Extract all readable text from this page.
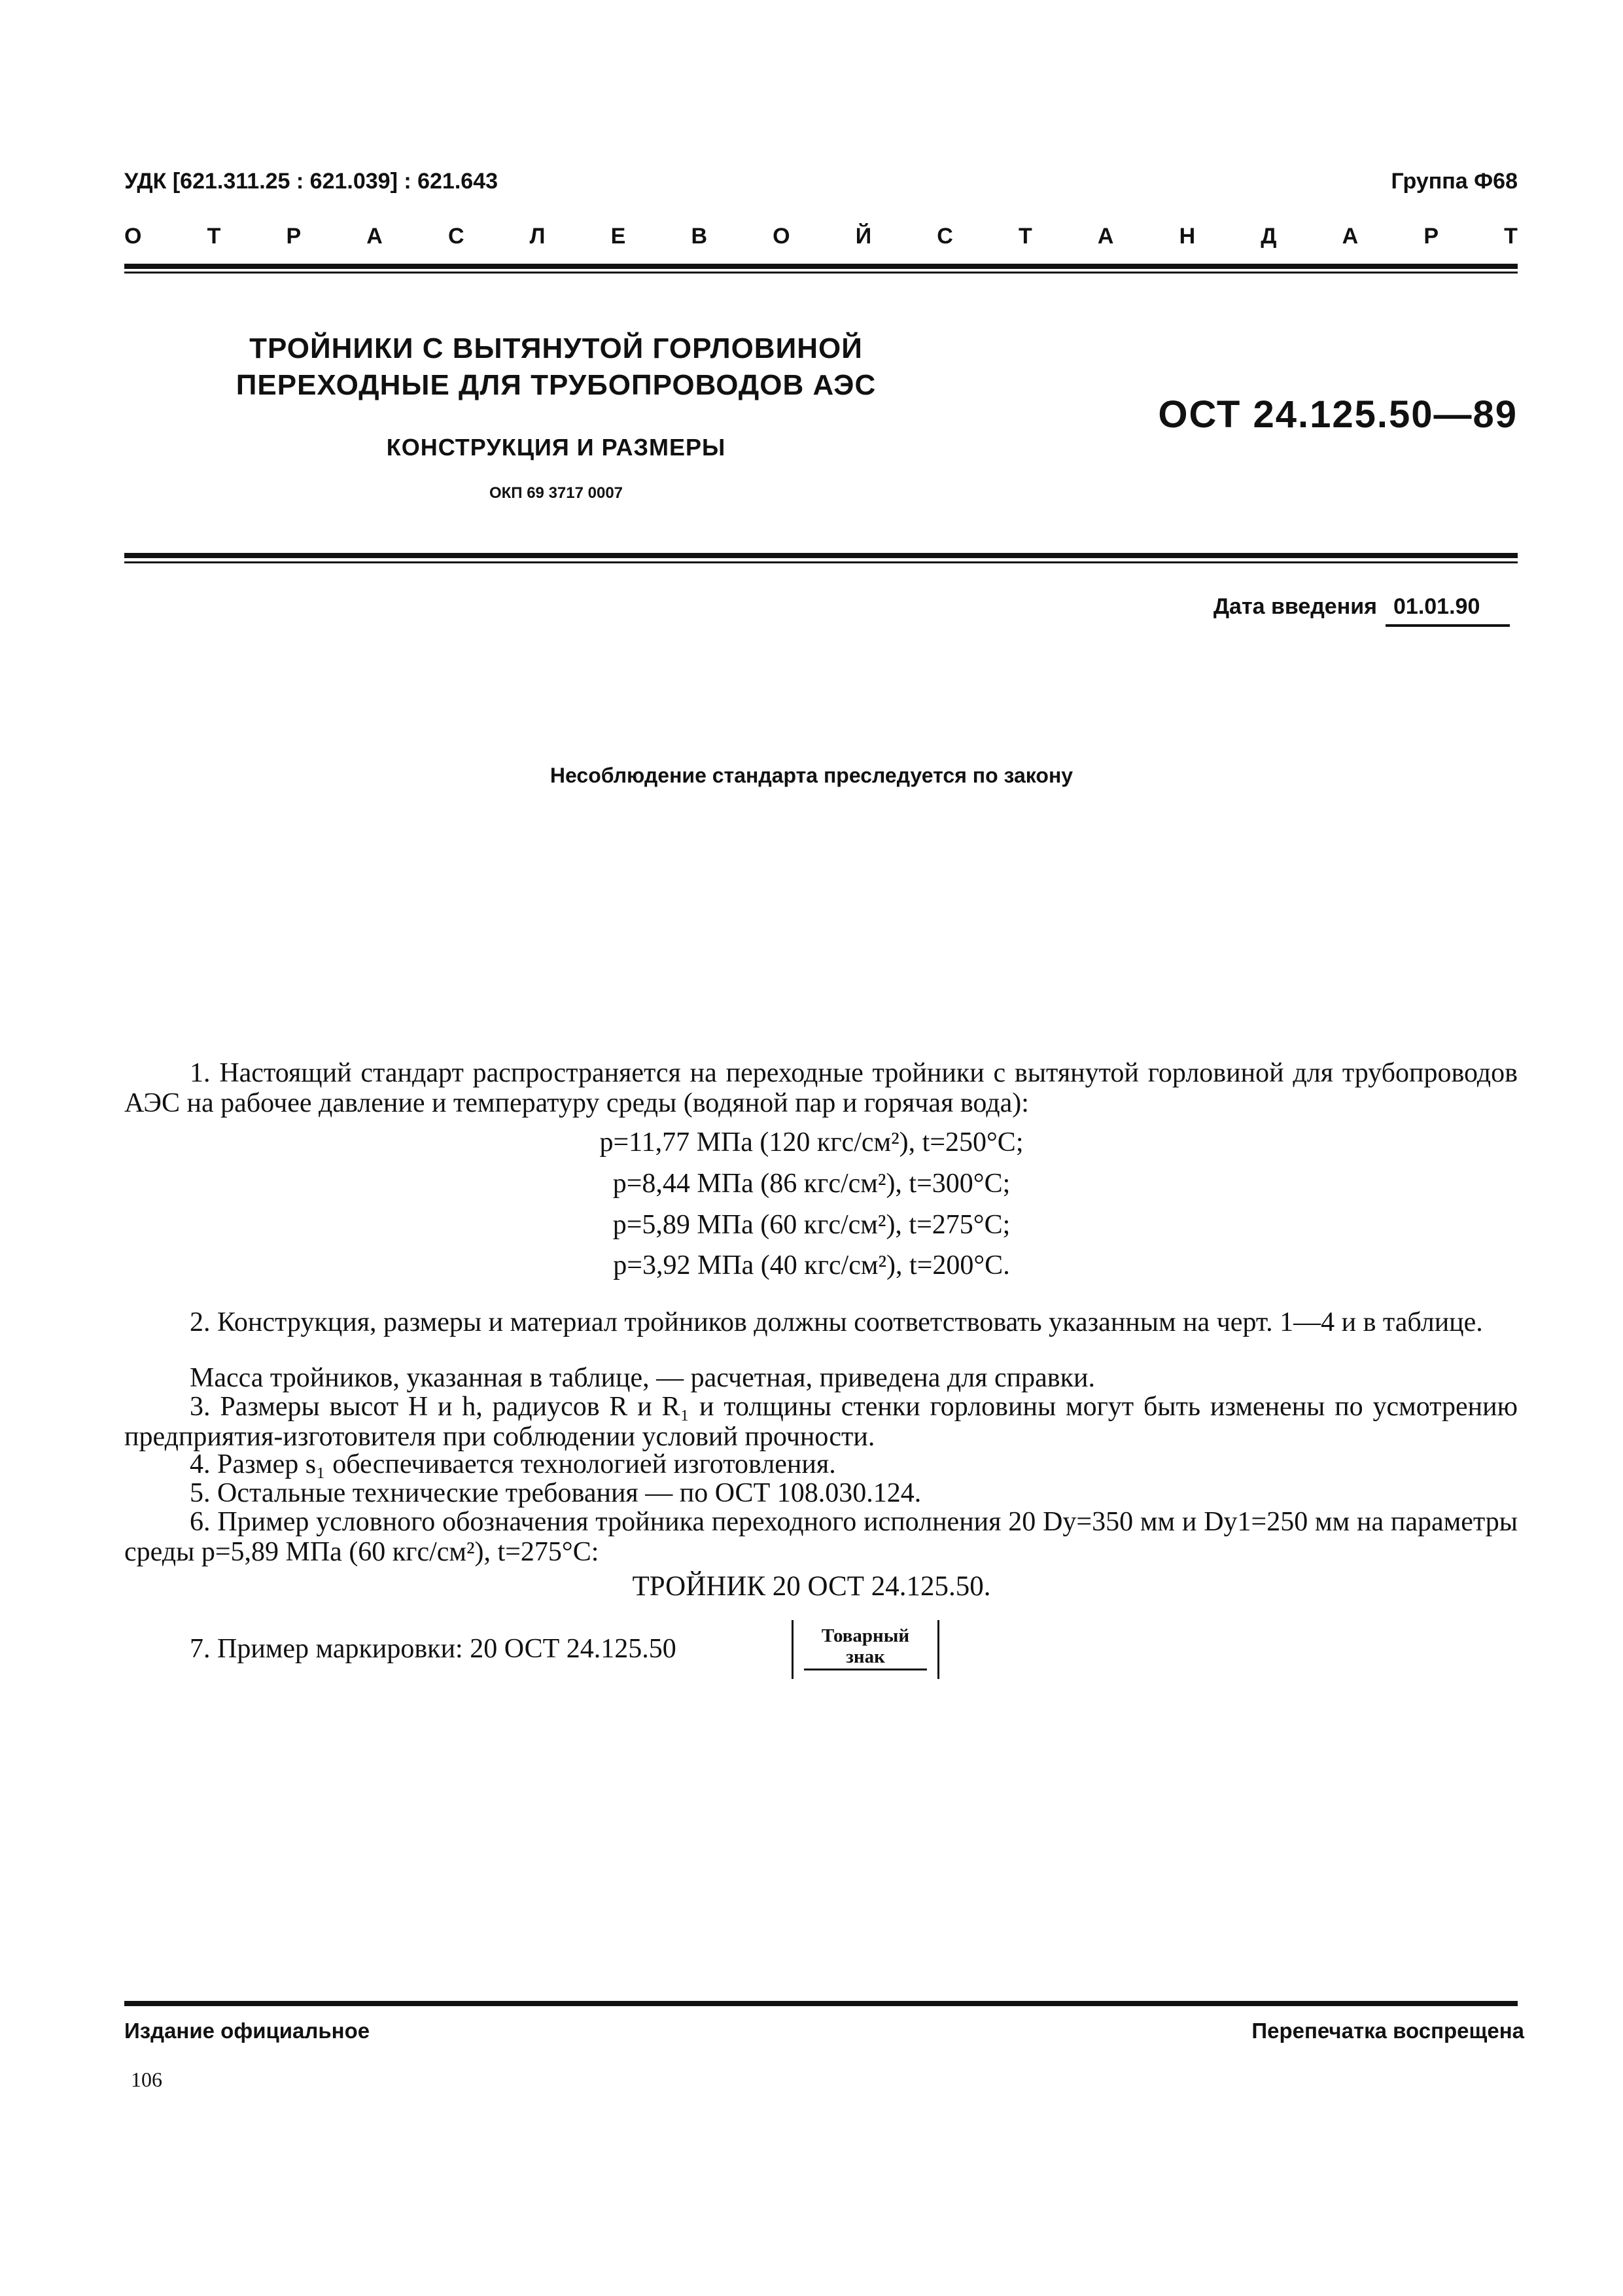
УДК [621.311.25 : 621.039] : 621.643	Группа Ф68
О	Т	Р	А	С	Л	Е	В	О	Й	С	Т	А	Н	Д	А	Р	Т
ТРОЙНИКИ С ВЫТЯНУТОЙ ГОРЛОВИНОЙ
ПЕРЕХОДНЫЕ ДЛЯ ТРУБОПРОВОДОВ АЭС
КОНСТРУКЦИЯ И РАЗМЕРЫ
ОКП 69 3717 0007
ОСТ 24.125.50—89
Дата введения 01.01.90
Несоблюдение стандарта преследуется по закону
1. Настоящий стандарт распространяется на переходные тройники с вытянутой горловиной для трубопроводов АЭС на рабочее давление и температуру среды (водяной пар и горячая вода):
p=11,77 МПа (120 кгс/см²), t=250°С;
p=8,44 МПа (86 кгс/см²), t=300°С;
p=5,89 МПа (60 кгс/см²), t=275°С;
p=3,92 МПа (40 кгс/см²), t=200°С.
2. Конструкция, размеры и материал тройников должны соответствовать указанным на черт. 1—4 и в таблице.
Масса тройников, указанная в таблице, — расчетная, приведена для справки.
3. Размеры высот H и h, радиусов R и R₁ и толщины стенки горловины могут быть изменены по усмотрению предприятия-изготовителя при соблюдении условий прочности.
4. Размер s₁ обеспечивается технологией изготовления.
5. Остальные технические требования — по ОСТ 108.030.124.
6. Пример условного обозначения тройника переходного исполнения 20 Dу=350 мм и Dу1=250 мм на параметры среды p=5,89 МПа (60 кгс/см²), t=275°С:
ТРОЙНИК 20 ОСТ 24.125.50.
7. Пример маркировки: 20 ОСТ 24.125.50	Товарный
знак
Издание официальное	Перепечатка воспрещена
106
